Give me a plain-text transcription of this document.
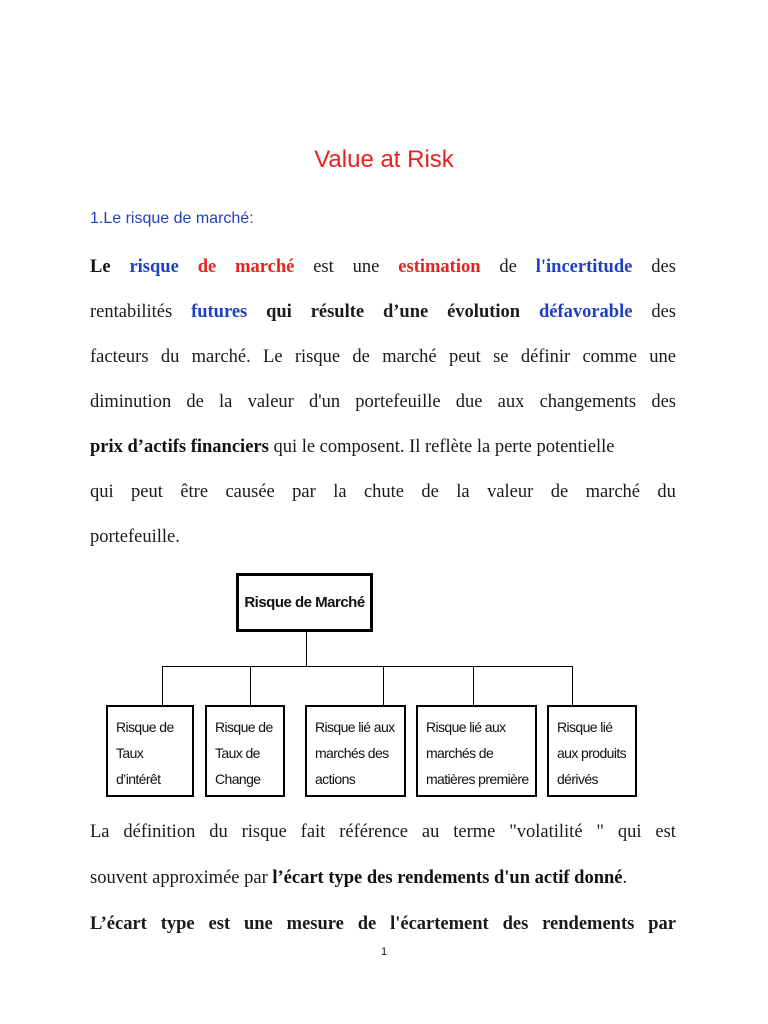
Value at Risk
1.Le risque de marché:
Le risque de marché est une estimation de l'incertitude des
rentabilités futures qui résulte d’une évolution défavorable des
facteurs du marché. Le risque de marché peut se définir comme une
diminution de la valeur d'un portefeuille due aux changements des
prix d’actifs financiers qui le composent. Il reflète la perte potentielle
qui peut être causée par la chute de la valeur de marché du
portefeuille.
Risque de Marché
Risque de
Taux
d’intérêt
Risque de
Taux de
Change
Risque lié aux
marchés des
actions
Risque lié aux
marchés de
matières première
Risque lié
aux produits
dérivés
La définition du risque fait référence au terme "volatilité " qui est
souvent approximée par l’écart type des rendements d'un actif donné.
L’écart type est une mesure de l'écartement des rendements par
1
